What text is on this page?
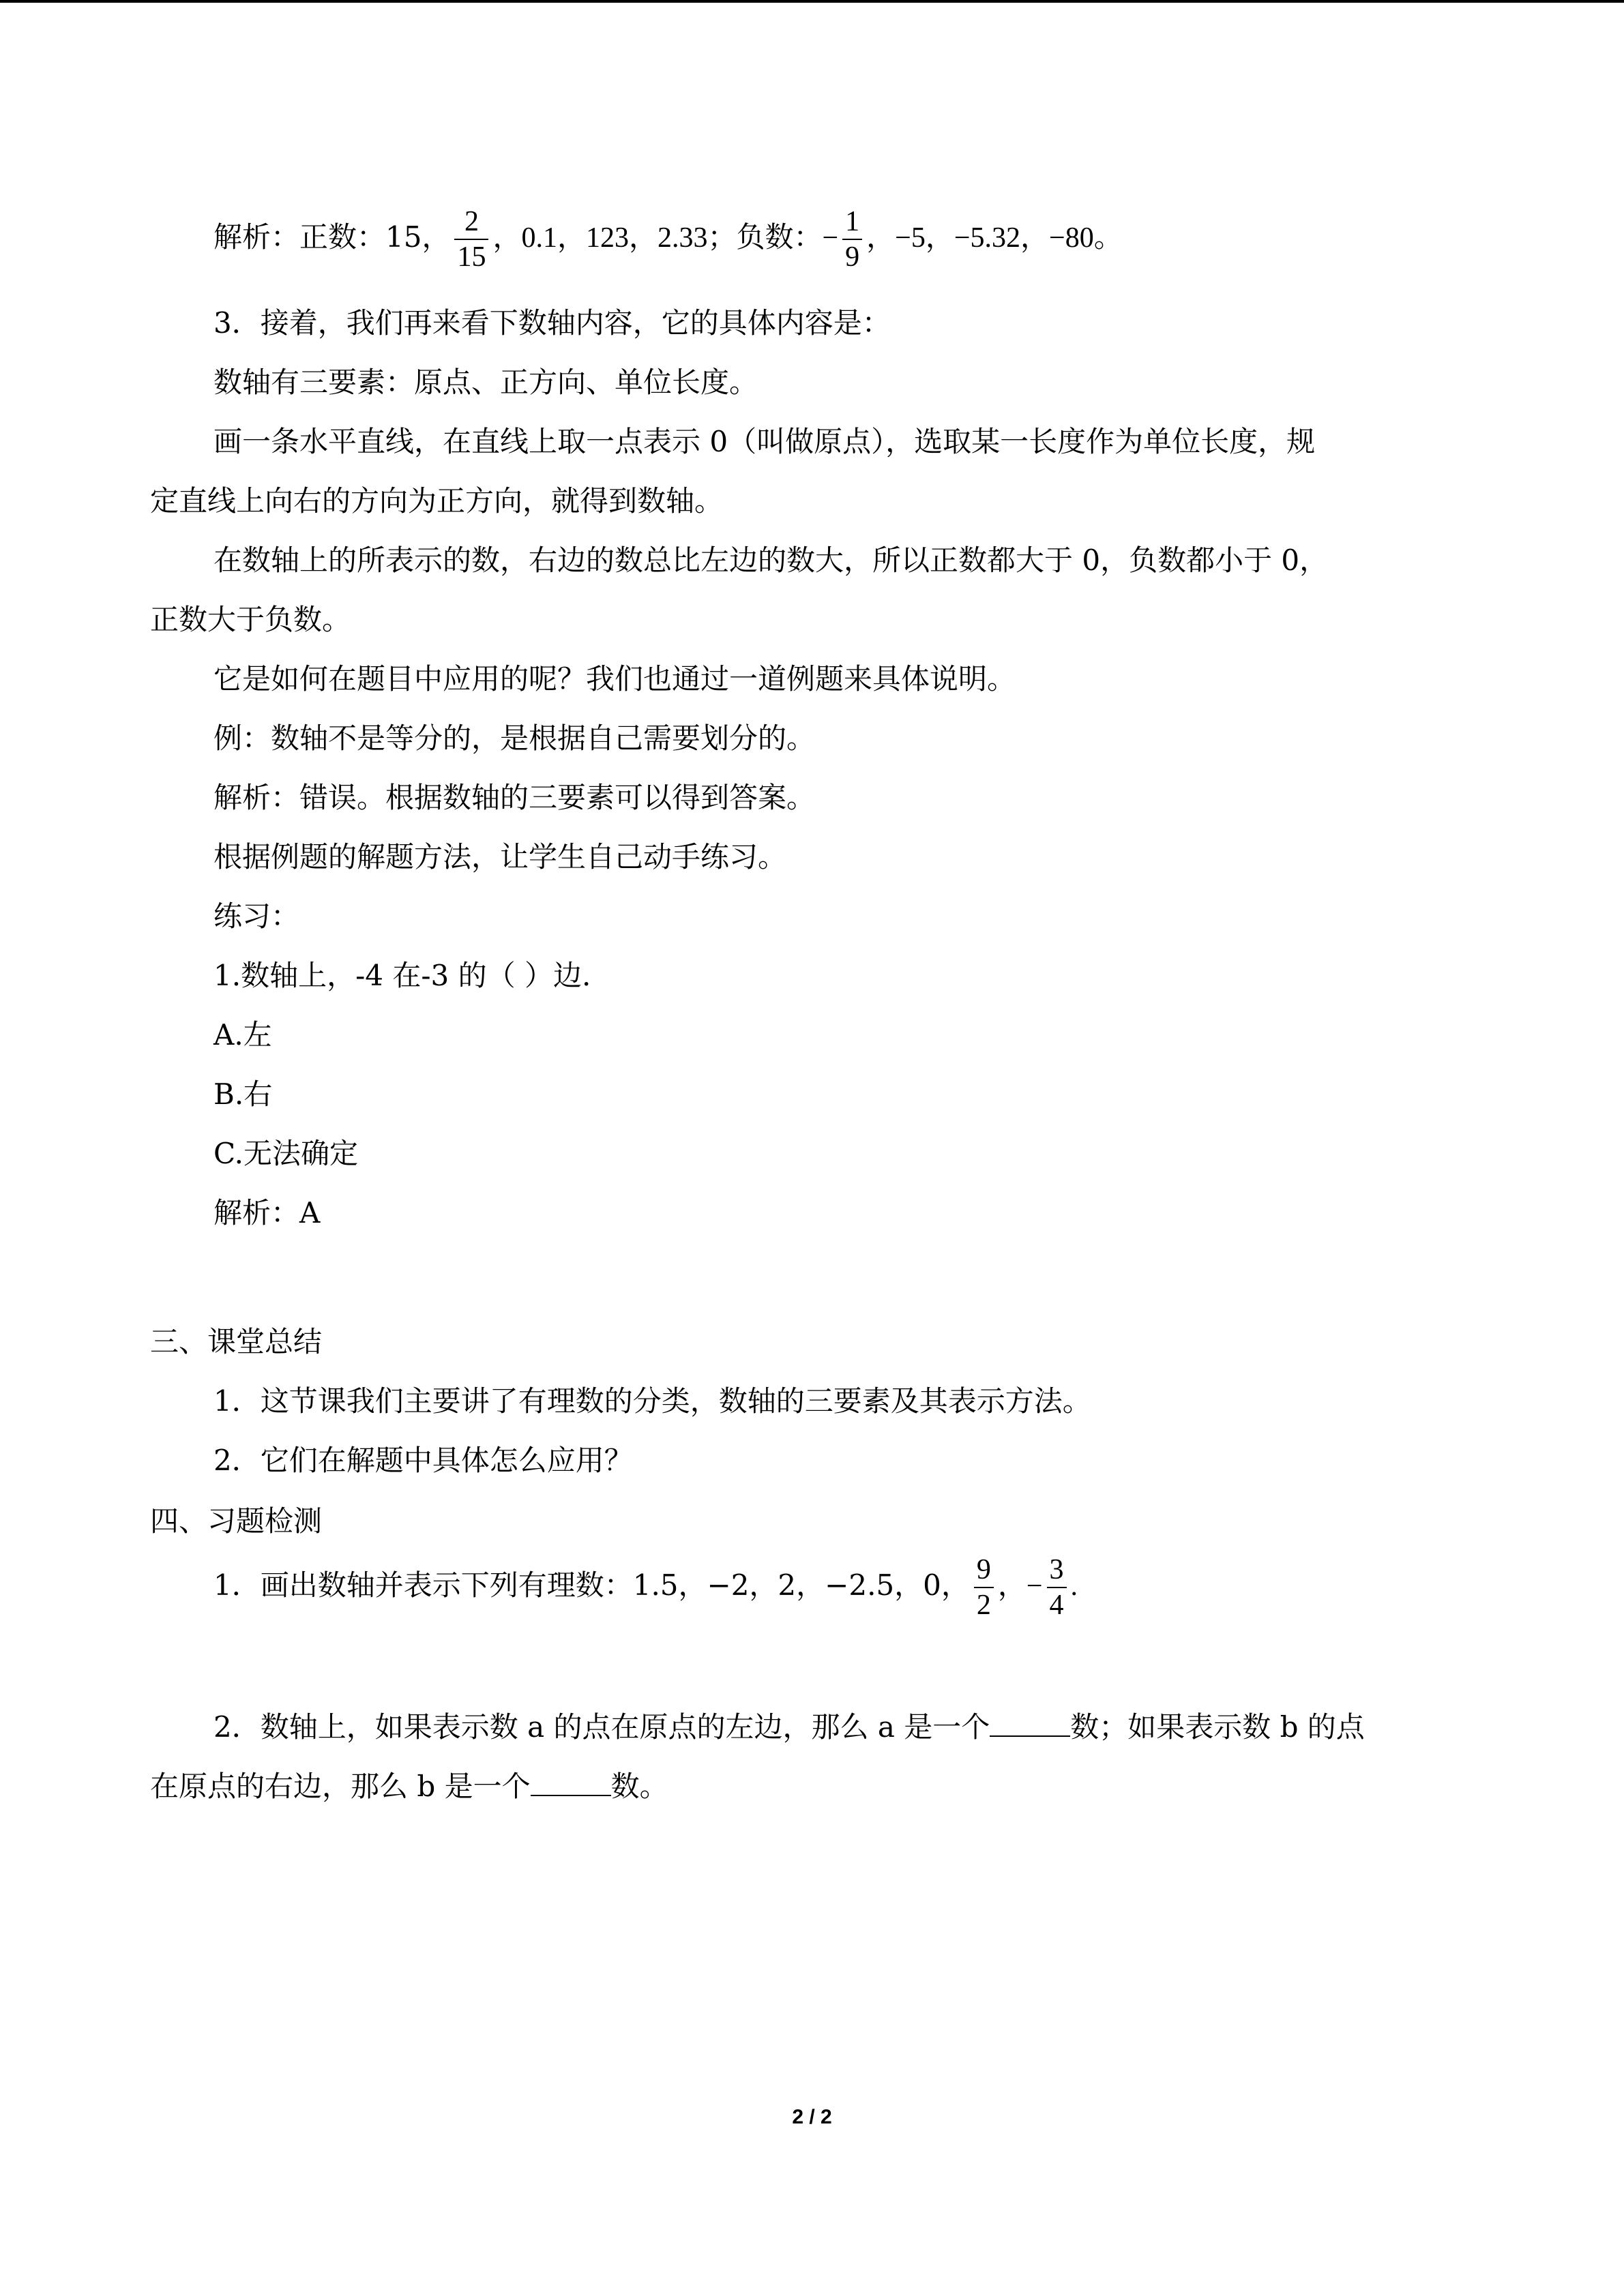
解析：正数：15， $\frac{2}{15}$ ，0.1，123，2.33；负数：− $\frac{1}{9}$ ，−5，−5.32，−80。
3．接着，我们再来看下数轴内容，它的具体内容是：
数轴有三要素：原点、正方向、单位长度。
画一条水平直线，在直线上取一点表示 0（叫做原点），选取某一长度作为单位长度，规
定直线上向右的方向为正方向，就得到数轴。
在数轴上的所表示的数，右边的数总比左边的数大，所以正数都大于 0，负数都小于 0，
正数大于负数。
它是如何在题目中应用的呢？我们也通过一道例题来具体说明。
例：数轴不是等分的，是根据自己需要划分的。
解析：错误。根据数轴的三要素可以得到答案。
根据例题的解题方法，让学生自己动手练习。
练习：
1.数轴上，-4 在-3 的（ ）边.
A.左
B.右
C.无法确定
解析：A
三、课堂总结
1．这节课我们主要讲了有理数的分类，数轴的三要素及其表示方法。
2．它们在解题中具体怎么应用？
四、习题检测
1．画出数轴并表示下列有理数：1.5，−2，2，−2.5，0， $\frac{9}{2}$ ，− $\frac{3}{4}$ .
2．数轴上，如果表示数 a 的点在原点的左边，那么 a 是一个	数；如果表示数 b 的点
在原点的右边，那么 b 是一个	数。
2 / 2
